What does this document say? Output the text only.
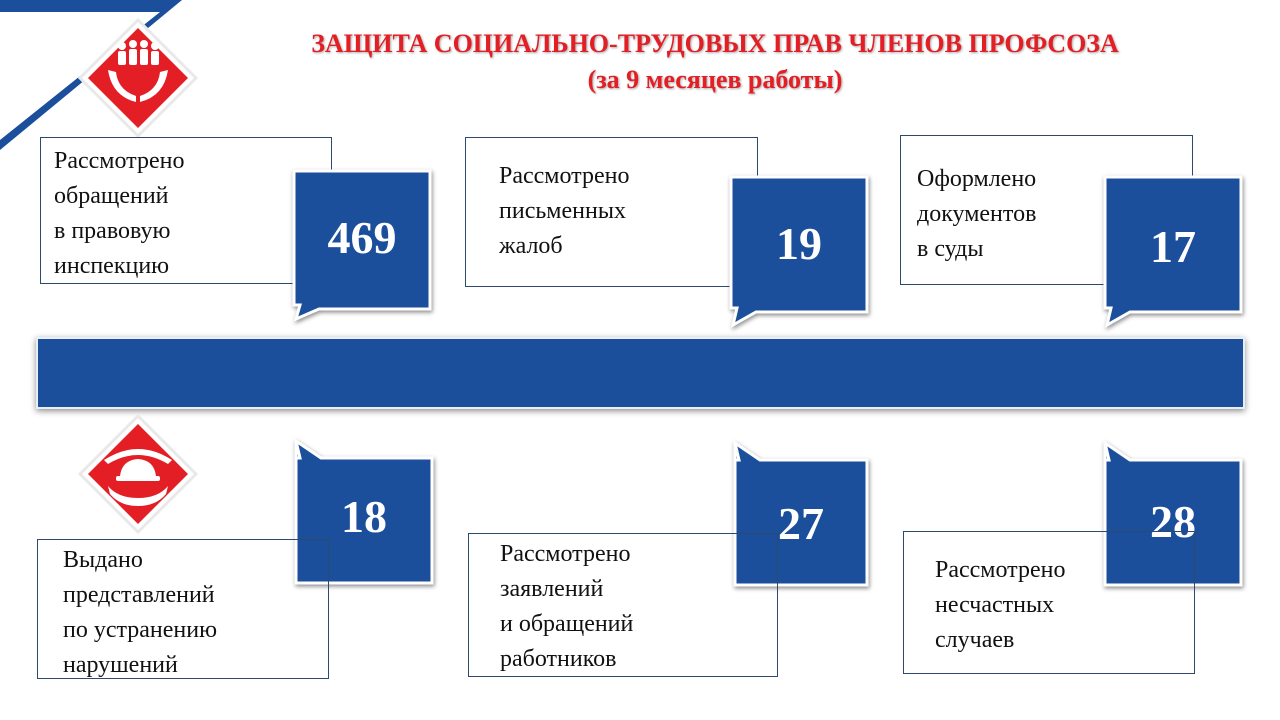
ЗАЩИТА СОЦИАЛЬНО-ТРУДОВЫХ ПРАВ ЧЛЕНОВ ПРОФСОЗА
(за 9 месяцев работы)
Рассмотрено
обращений
в правовую
инспекцию
Рассмотрено
письменных
жалоб
Оформлено
документов
в суды
469	19	17
18	27	28
Выдано
представлений
по устранению
нарушений
Рассмотрено
заявлений
и обращений
работников
Рассмотрено
несчастных
случаев
